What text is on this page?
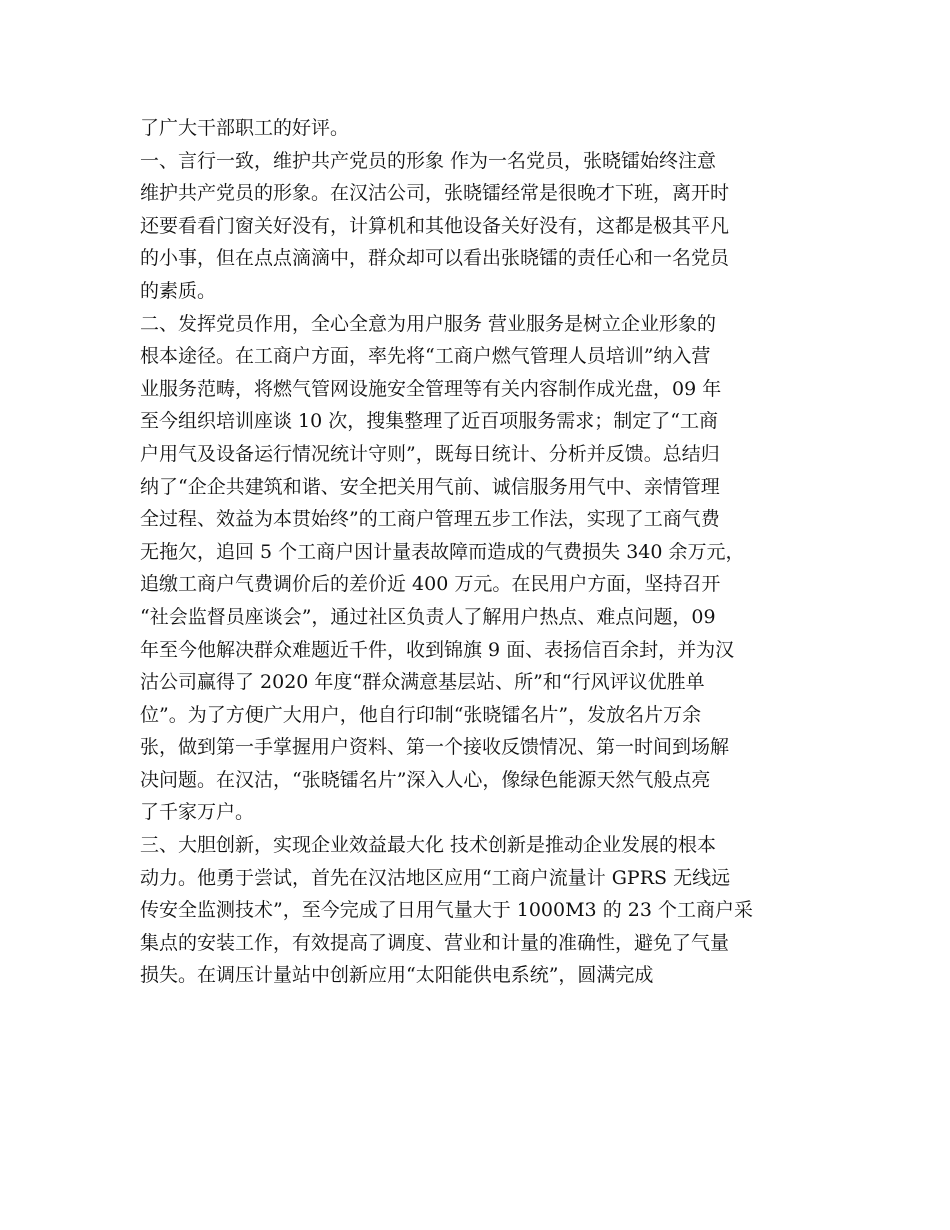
了广大干部职工的好评。
一、言行一致，维护共产党员的形象 作为一名党员，张晓镭始终注意
维护共产党员的形象。在汉沽公司，张晓镭经常是很晚才下班，离开时
还要看看门窗关好没有，计算机和其他设备关好没有，这都是极其平凡
的小事，但在点点滴滴中，群众却可以看出张晓镭的责任心和一名党员
的素质。
二、发挥党员作用，全心全意为用户服务 营业服务是树立企业形象的
根本途径。在工商户方面，率先将“工商户燃气管理人员培训”纳入营
业服务范畴，将燃气管网设施安全管理等有关内容制作成光盘，09 年
至今组织培训座谈 10 次，搜集整理了近百项服务需求；制定了“工商
户用气及设备运行情况统计守则”，既每日统计、分析并反馈。总结归
纳了“企企共建筑和谐、安全把关用气前、诚信服务用气中、亲情管理
全过程、效益为本贯始终”的工商户管理五步工作法，实现了工商气费
无拖欠，追回 5 个工商户因计量表故障而造成的气费损失 340 余万元，
追缴工商户气费调价后的差价近 400 万元。在民用户方面，坚持召开
“社会监督员座谈会”，通过社区负责人了解用户热点、难点问题，09
年至今他解决群众难题近千件，收到锦旗 9 面、表扬信百余封，并为汉
沽公司赢得了 2020 年度“群众满意基层站、所”和“行风评议优胜单
位”。为了方便广大用户，他自行印制“张晓镭名片”，发放名片万余
张，做到第一手掌握用户资料、第一个接收反馈情况、第一时间到场解
决问题。在汉沽，“张晓镭名片”深入人心，像绿色能源天然气般点亮
了千家万户。
三、大胆创新，实现企业效益最大化 技术创新是推动企业发展的根本
动力。他勇于尝试，首先在汉沽地区应用“工商户流量计 GPRS 无线远
传安全监测技术”，至今完成了日用气量大于 1000M3 的 23 个工商户采
集点的安装工作，有效提高了调度、营业和计量的准确性，避免了气量
损失。在调压计量站中创新应用“太阳能供电系统”，圆满完成
